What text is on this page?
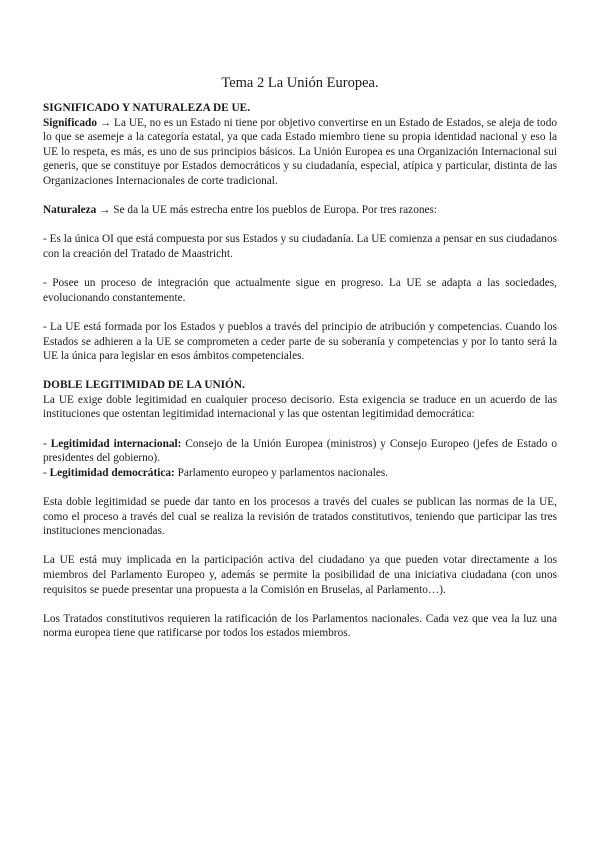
Tema 2 La Unión Europea.
SIGNIFICADO Y NATURALEZA DE UE.

Significado → La UE, no es un Estado ni tiene por objetivo convertirse en un Estado de Estados, se aleja de todo lo que se asemeje a la categoría estatal, ya que cada Estado miembro tiene su propia identidad nacional y eso la UE lo respeta, es más, es uno de sus principios básicos. La Unión Europea es una Organización Internacional sui generis, que se constituye por Estados democráticos y su ciudadanía, especial, atípica y particular, distinta de las Organizaciones Internacionales de corte tradicional.

Naturaleza → Se da la UE más estrecha entre los pueblos de Europa. Por tres razones:

- Es la única OI que está compuesta por sus Estados y su ciudadanía. La UE comienza a pensar en sus ciudadanos con la creación del Tratado de Maastricht.

- Posee un proceso de integración que actualmente sigue en progreso. La UE se adapta a las sociedades, evolucionando constantemente.

- La UE está formada por los Estados y pueblos a través del principio de atribución y competencias. Cuando los Estados se adhieren a la UE se comprometen a ceder parte de su soberanía y competencias y por lo tanto será la UE la única para legislar en esos ámbitos competenciales.

DOBLE LEGITIMIDAD DE LA UNIÓN.

La UE exige doble legitimidad en cualquier proceso decisorio. Esta exigencia se traduce en un acuerdo de las instituciones que ostentan legitimidad internacional y las que ostentan legitimidad democrática:

- Legitimidad internacional: Consejo de la Unión Europea (ministros) y Consejo Europeo (jefes de Estado o presidentes del gobierno).

- Legitimidad democrática: Parlamento europeo y parlamentos nacionales.

Esta doble legitimidad se puede dar tanto en los procesos a través del cuales se publican las normas de la UE, como el proceso a través del cual se realiza la revisión de tratados constitutivos, teniendo que participar las tres instituciones mencionadas.

La UE está muy implicada en la participación activa del ciudadano ya que pueden votar directamente a los miembros del Parlamento Europeo y, además se permite la posibilidad de una iniciativa ciudadana (con unos requisitos se puede presentar una propuesta a la Comisión en Bruselas, al Parlamento…).

Los Tratados constitutivos requieren la ratificación de los Parlamentos nacionales. Cada vez que vea la luz una norma europea tiene que ratificarse por todos los estados miembros.
